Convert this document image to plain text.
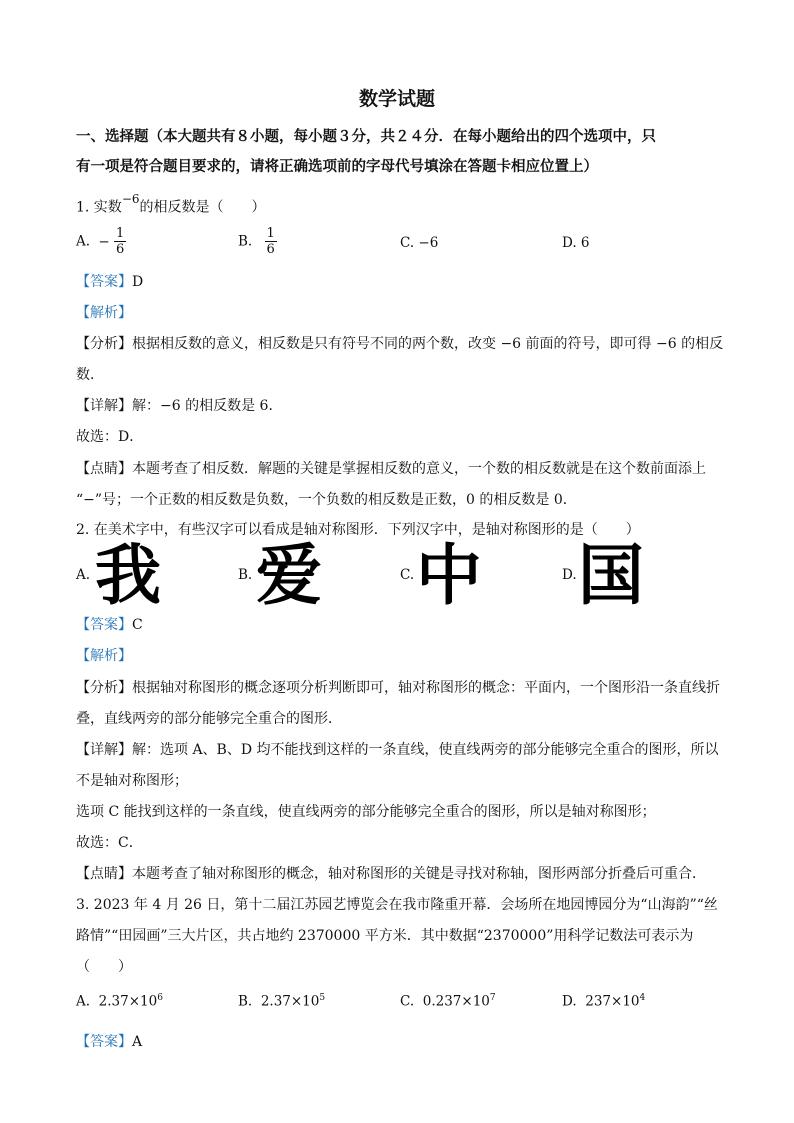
数学试题
一、选择题（本大题共有８小题，每小题３分，共２４分．在每小题给出的四个选项中，只
有一项是符合题目要求的，请将正确选项前的字母代号填涂在答题卡相应位置上）
1. 实数$^{-6}$的相反数是（　　）
A. − $\frac{1}{6}$	B. $\frac{1}{6}$	C. −6	D. 6
【答案】D
【解析】
【分析】根据相反数的意义，相反数是只有符号不同的两个数，改变 −6 前面的符号，即可得 −6 的相反
数．
【详解】解：−6 的相反数是 6．
故选：D．
【点睛】本题考查了相反数．解题的关键是掌握相反数的意义，一个数的相反数就是在这个数前面添上
“−”号；一个正数的相反数是负数，一个负数的相反数是正数，0 的相反数是 0．
2. 在美术字中，有些汉字可以看成是轴对称图形．下列汉字中，是轴对称图形的是（　　）
A. 我	B. 爱	C. 中	D. 国
【答案】C
【解析】
【分析】根据轴对称图形的概念逐项分析判断即可，轴对称图形的概念：平面内，一个图形沿一条直线折
叠，直线两旁的部分能够完全重合的图形．
【详解】解：选项 A、B、D 均不能找到这样的一条直线，使直线两旁的部分能够完全重合的图形，所以
不是轴对称图形；
选项 C 能找到这样的一条直线，使直线两旁的部分能够完全重合的图形，所以是轴对称图形；
故选：C．
【点睛】本题考查了轴对称图形的概念，轴对称图形的关键是寻找对称轴，图形两部分折叠后可重合．
3. 2023 年 4 月 26 日，第十二届江苏园艺博览会在我市隆重开幕．会场所在地园博园分为“山海韵”“丝
路情”“田园画”三大片区，共占地约 2370000 平方米．其中数据“2370000”用科学记数法可表示为
（　　）
A. $2.37\times 10^6$	B. $2.37\times 10^5$	C. $0.237\times 10^7$	D. $237\times 10^4$
【答案】A
